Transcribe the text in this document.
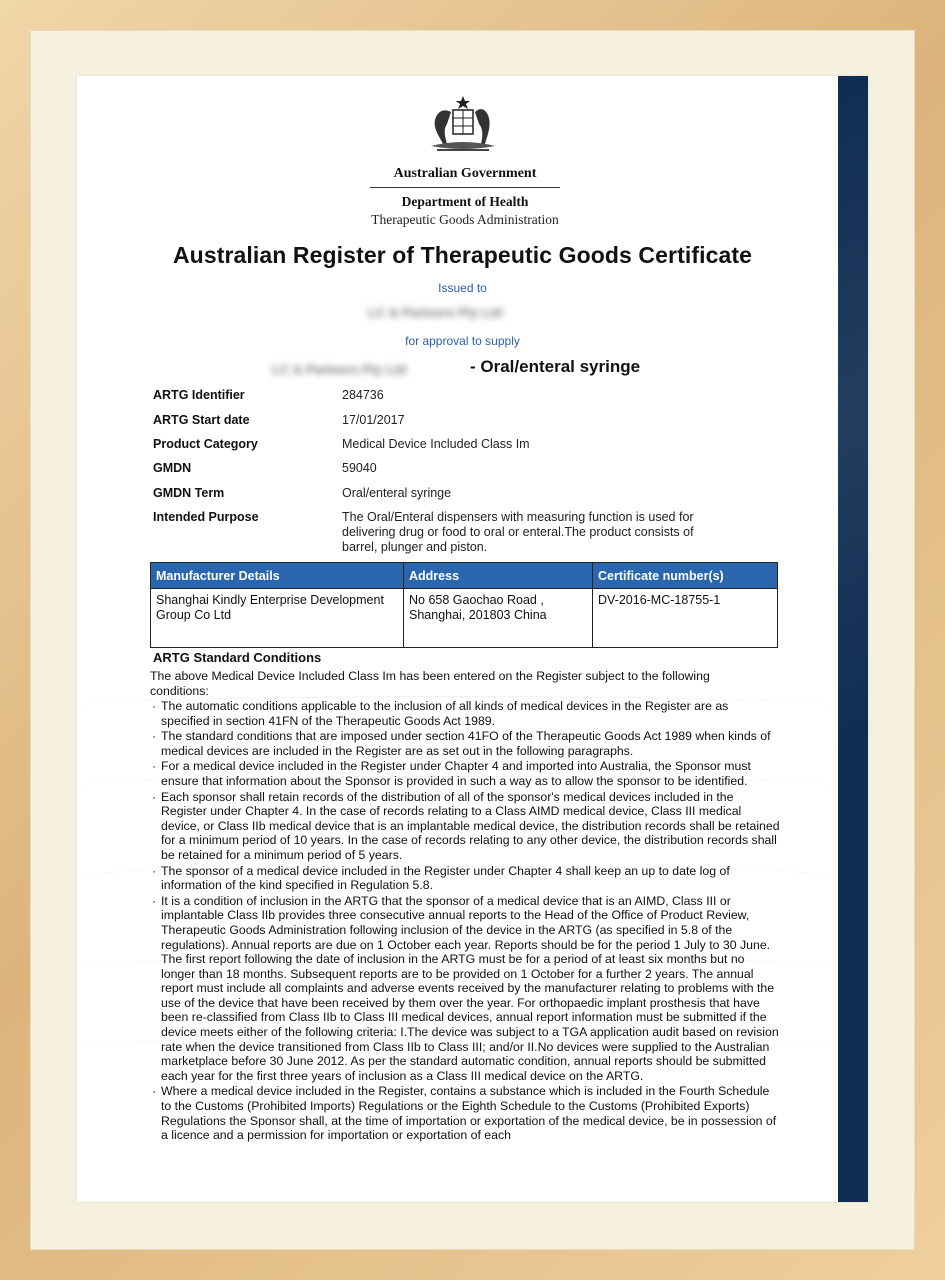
Australian Government
Department of Health
Therapeutic Goods Administration
Australian Register of Therapeutic Goods Certificate
Issued to
LC & Partners Pty Ltd
for approval to supply
LC & Partners Pty Ltd	- Oral/enteral syringe
ARTG Identifier	284736
ARTG Start date	17/01/2017
Product Category	Medical Device Included Class Im
GMDN	59040
GMDN Term	Oral/enteral syringe
Intended Purpose	The Oral/Enteral dispensers with measuring function is used for delivering drug or food to oral or enteral.The product consists of barrel, plunger and piston.
Manufacturer Details	Address	Certificate number(s)
Shanghai Kindly Enterprise Development Group Co Ltd	No 658 Gaochao Road , Shanghai, 201803 China	DV-2016-MC-18755-1
ARTG Standard Conditions
The above Medical Device Included Class Im has been entered on the Register subject to the following conditions:
· The automatic conditions applicable to the inclusion of all kinds of medical devices in the Register are as specified in section 41FN of the Therapeutic Goods Act 1989.
· The standard conditions that are imposed under section 41FO of the Therapeutic Goods Act 1989 when kinds of medical devices are included in the Register are as set out in the following paragraphs.
· For a medical device included in the Register under Chapter 4 and imported into Australia, the Sponsor must ensure that information about the Sponsor is provided in such a way as to allow the sponsor to be identified.
· Each sponsor shall retain records of the distribution of all of the sponsor's medical devices included in the Register under Chapter 4. In the case of records relating to a Class AIMD medical device, Class III medical device, or Class IIb medical device that is an implantable medical device, the distribution records shall be retained for a minimum period of 10 years. In the case of records relating to any other device, the distribution records shall be retained for a minimum period of 5 years.
· The sponsor of a medical device included in the Register under Chapter 4 shall keep an up to date log of information of the kind specified in Regulation 5.8.
· It is a condition of inclusion in the ARTG that the sponsor of a medical device that is an AIMD, Class III or implantable Class IIb provides three consecutive annual reports to the Head of the Office of Product Review, Therapeutic Goods Administration following inclusion of the device in the ARTG (as specified in 5.8 of the regulations). Annual reports are due on 1 October each year. Reports should be for the period 1 July to 30 June. The first report following the date of inclusion in the ARTG must be for a period of at least six months but no longer than 18 months. Subsequent reports are to be provided on 1 October for a further 2 years. The annual report must include all complaints and adverse events received by the manufacturer relating to problems with the use of the device that have been received by them over the year. For orthopaedic implant prosthesis that have been re-classified from Class IIb to Class III medical devices, annual report information must be submitted if the device meets either of the following criteria: I.The device was subject to a TGA application audit based on revision rate when the device transitioned from Class IIb to Class III; and/or II.No devices were supplied to the Australian marketplace before 30 June 2012. As per the standard automatic condition, annual reports should be submitted each year for the first three years of inclusion as a Class III medical device on the ARTG.
· Where a medical device included in the Register, contains a substance which is included in the Fourth Schedule to the Customs (Prohibited Imports) Regulations or the Eighth Schedule to the Customs (Prohibited Exports) Regulations the Sponsor shall, at the time of importation or exportation of the medical device, be in possession of a licence and a permission for importation or exportation of each
